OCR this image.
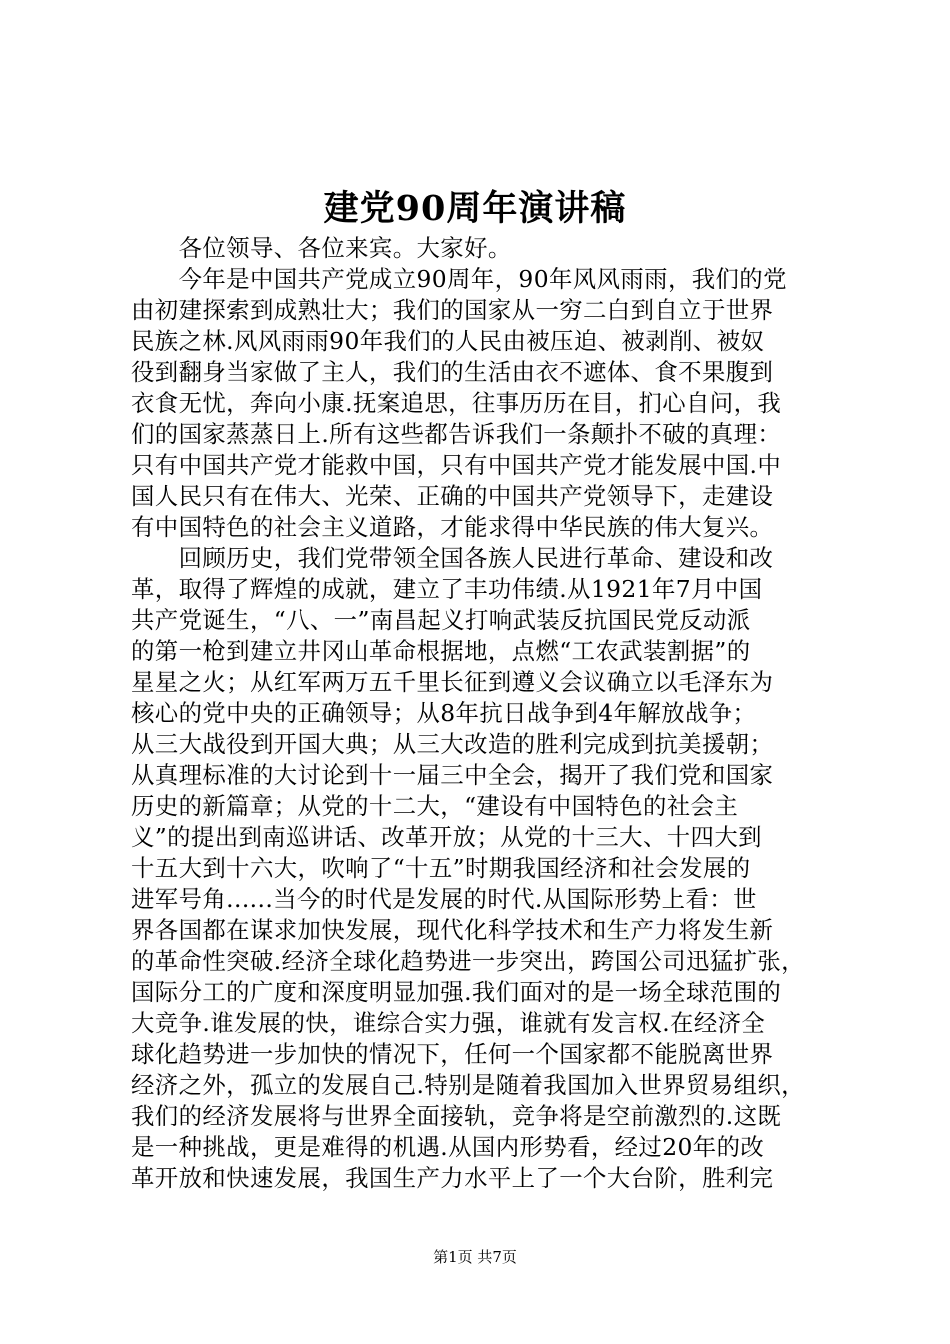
建党90周年演讲稿
　　各位领导、各位来宾。大家好。
　　今年是中国共产党成立90周年，90年风风雨雨，我们的党
由初建探索到成熟壮大；我们的国家从一穷二白到自立于世界
民族之林.风风雨雨90年我们的人民由被压迫、被剥削、被奴
役到翻身当家做了主人，我们的生活由衣不遮体、食不果腹到
衣食无忧，奔向小康.抚案追思，往事历历在目，扪心自问，我
们的国家蒸蒸日上.所有这些都告诉我们一条颠扑不破的真理：
只有中国共产党才能救中国，只有中国共产党才能发展中国.中
国人民只有在伟大、光荣、正确的中国共产党领导下，走建设
有中国特色的社会主义道路，才能求得中华民族的伟大复兴。
　　回顾历史，我们党带领全国各族人民进行革命、建设和改
革，取得了辉煌的成就，建立了丰功伟绩.从1921年7月中国
共产党诞生，“八、一”南昌起义打响武装反抗国民党反动派
的第一枪到建立井冈山革命根据地，点燃“工农武装割据”的
星星之火；从红军两万五千里长征到遵义会议确立以毛泽东为
核心的党中央的正确领导；从8年抗日战争到4年解放战争；
从三大战役到开国大典；从三大改造的胜利完成到抗美援朝；
从真理标准的大讨论到十一届三中全会，揭开了我们党和国家
历史的新篇章；从党的十二大，“建设有中国特色的社会主
义”的提出到南巡讲话、改革开放；从党的十三大、十四大到
十五大到十六大，吹响了“十五”时期我国经济和社会发展的
进军号角......当今的时代是发展的时代.从国际形势上看：世
界各国都在谋求加快发展，现代化科学技术和生产力将发生新
的革命性突破.经济全球化趋势进一步突出，跨国公司迅猛扩张，
国际分工的广度和深度明显加强.我们面对的是一场全球范围的
大竞争.谁发展的快，谁综合实力强，谁就有发言权.在经济全
球化趋势进一步加快的情况下，任何一个国家都不能脱离世界
经济之外，孤立的发展自己.特别是随着我国加入世界贸易组织，
我们的经济发展将与世界全面接轨，竞争将是空前激烈的.这既
是一种挑战，更是难得的机遇.从国内形势看，经过20年的改
革开放和快速发展，我国生产力水平上了一个大台阶，胜利完
第1页 共7页
